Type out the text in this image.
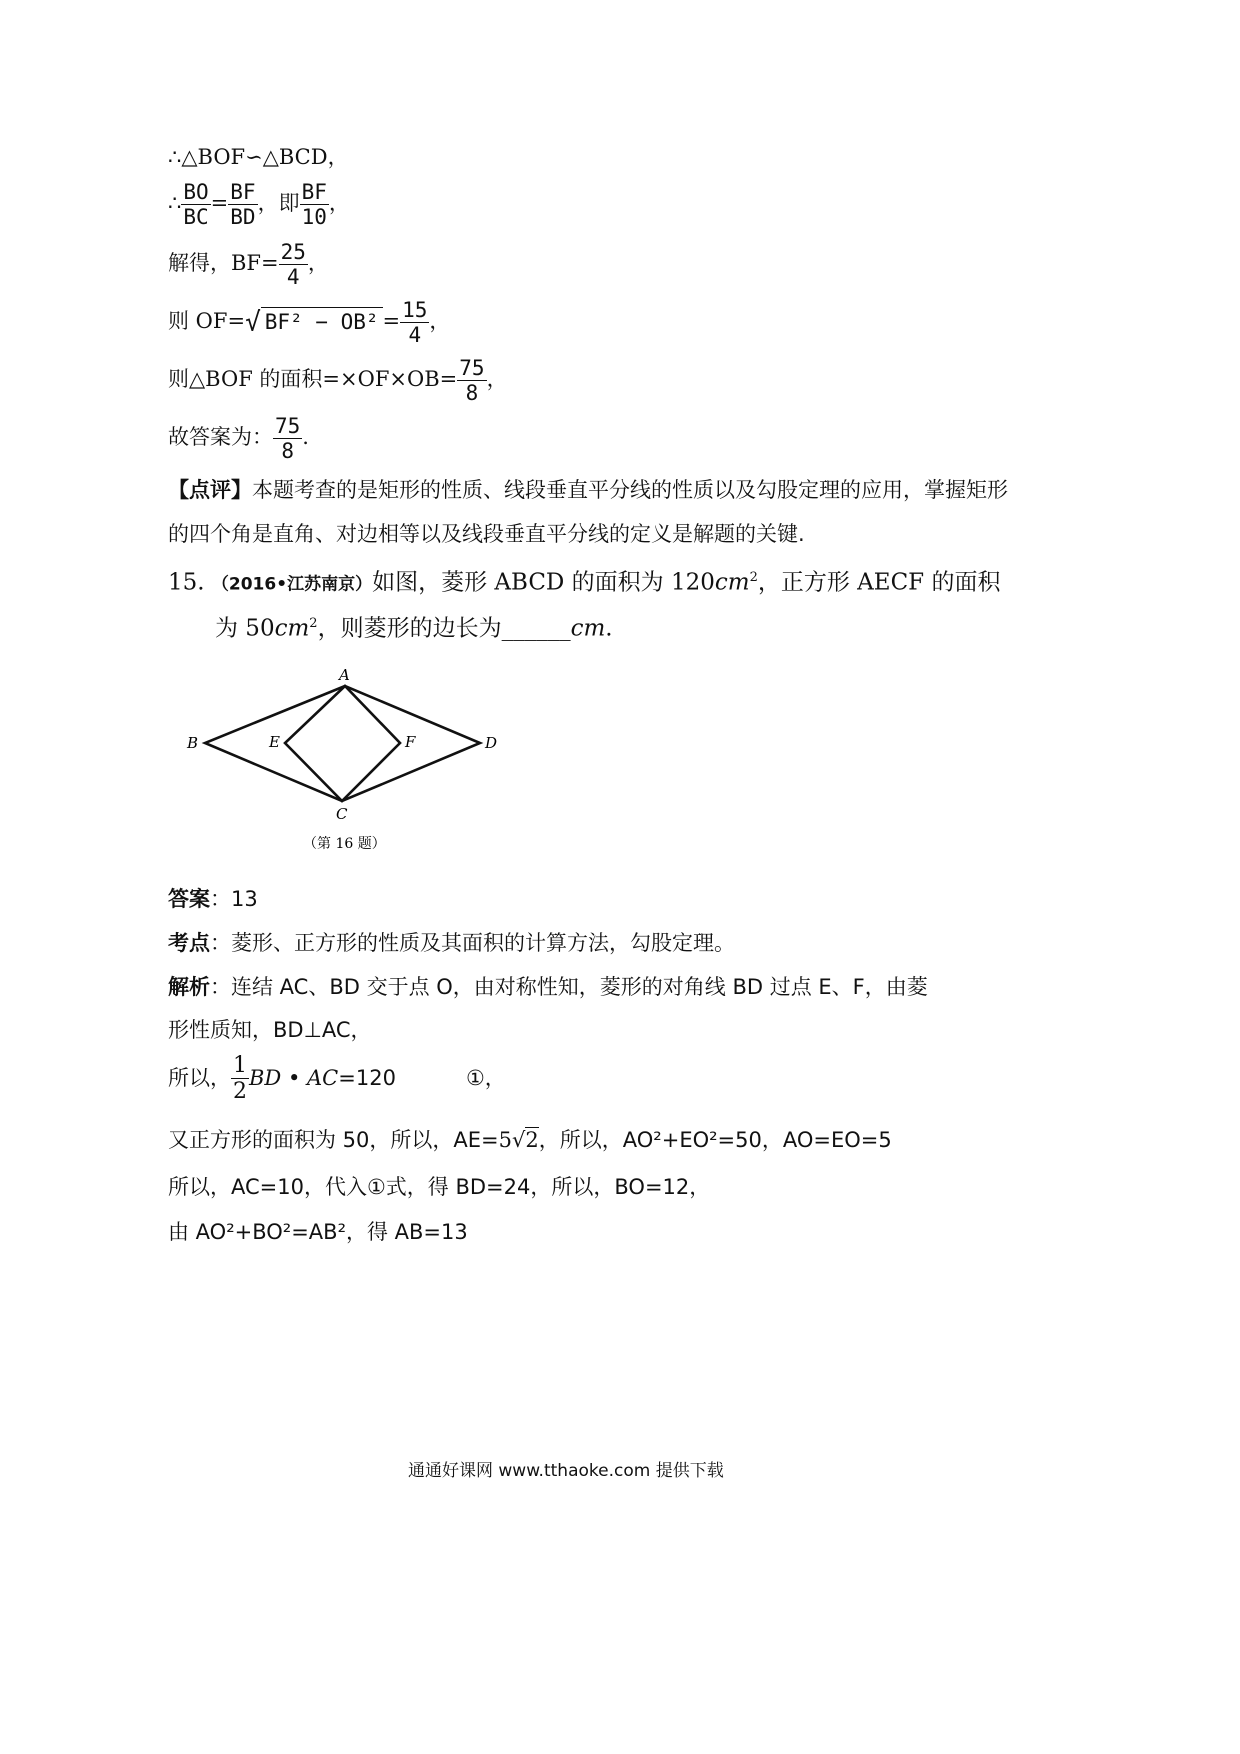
∴△BOF∽△BCD，
∴ $\frac{BO}{BC} = \frac{BF}{BD}$ ，即 $\frac{BF}{10}$ ，
解得，$BF= \frac{25}{4}$ ，
则 OF=√ $BF^2 - OB^2 = \frac{15}{4}$ ，
则△BOF 的面积$=\times OF\times OB= \frac{75}{8}$ ，
故答案为： $\frac{75}{8}$ .
【点评】本题考查的是矩形的性质、线段垂直平分线的性质以及勾股定理的应用，掌握矩形
的四个角是直角、对边相等以及线段垂直平分线的定义是解题的关键.
15. （2016•江苏南京）如图，菱形 ABCD 的面积为 $120cm^2$，正方形 AECF 的面积
为 $50cm^2$，则菱形的边长为______cm.
A
B
C
D
E	F
（第 16 题）
答案：13
考点：菱形、正方形的性质及其面积的计算方法，勾股定理。
解析：连结 AC、BD 交于点 O，由对称性知，菱形的对角线 BD 过点 E、F，由菱
形性质知，BD⊥AC，
所以， $\frac{1}{2}$ BD • AC=120	①，
又正方形的面积为 50，所以，AE=5√2，所以，AO²+EO²=50，AO=EO=5
所以，AC=10，代入①式，得 BD=24，所以，BO=12，
由 AO²+BO²=AB²，得 AB=13
通通好课网 www.tthaoke.com 提供下载
